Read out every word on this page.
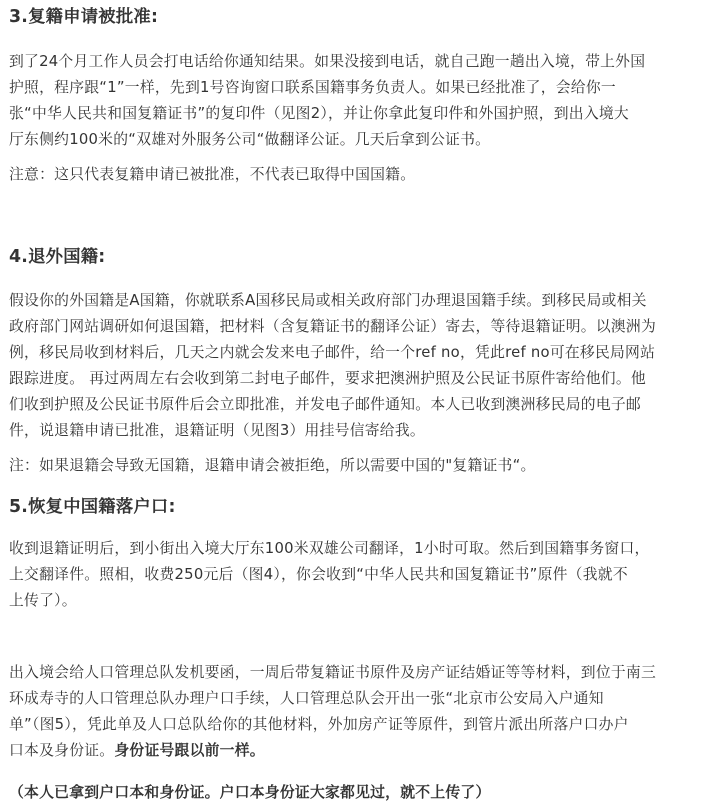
3.复籍申请被批准:

到了24个月工作人员会打电话给你通知结果。如果没接到电话，就自己跑一趟出入境，带上外国
护照，程序跟“1”一样，先到1号咨询窗口联系国籍事务负责人。如果已经批准了，会给你一
张“中华人民共和国复籍证书”的复印件（见图2），并让你拿此复印件和外国护照，到出入境大
厅东侧约100米的“双雄对外服务公司“做翻译公证。几天后拿到公证书。

注意：这只代表复籍申请已被批准，不代表已取得中国国籍。

4.退外国籍:

假设你的外国籍是A国籍，你就联系A国移民局或相关政府部门办理退国籍手续。到移民局或相关
政府部门网站调研如何退国籍，把材料（含复籍证书的翻译公证）寄去，等待退籍证明。以澳洲为
例，移民局收到材料后，几天之内就会发来电子邮件，给一个ref no，凭此ref no可在移民局网站
跟踪进度。 再过两周左右会收到第二封电子邮件，要求把澳洲护照及公民证书原件寄给他们。他
们收到护照及公民证书原件后会立即批准，并发电子邮件通知。本人已收到澳洲移民局的电子邮
件，说退籍申请已批准，退籍证明（见图3）用挂号信寄给我。

注：如果退籍会导致无国籍，退籍申请会被拒绝，所以需要中国的"复籍证书“。

5.恢复中国籍落户口:

收到退籍证明后，到小街出入境大厅东100米双雄公司翻译，1小时可取。然后到国籍事务窗口，
上交翻译件。照相，收费250元后（图4），你会收到“中华人民共和国复籍证书”原件（我就不
上传了）。

出入境会给人口管理总队发机要函，一周后带复籍证书原件及房产证结婚证等等材料，到位于南三
环成寿寺的人口管理总队办理户口手续，人口管理总队会开出一张“北京市公安局入户通知
单”（图5），凭此单及人口总队给你的其他材料，外加房产证等原件，到管片派出所落户口办户
口本及身份证。身份证号跟以前一样。

（本人已拿到户口本和身份证。户口本身份证大家都见过，就不上传了）
